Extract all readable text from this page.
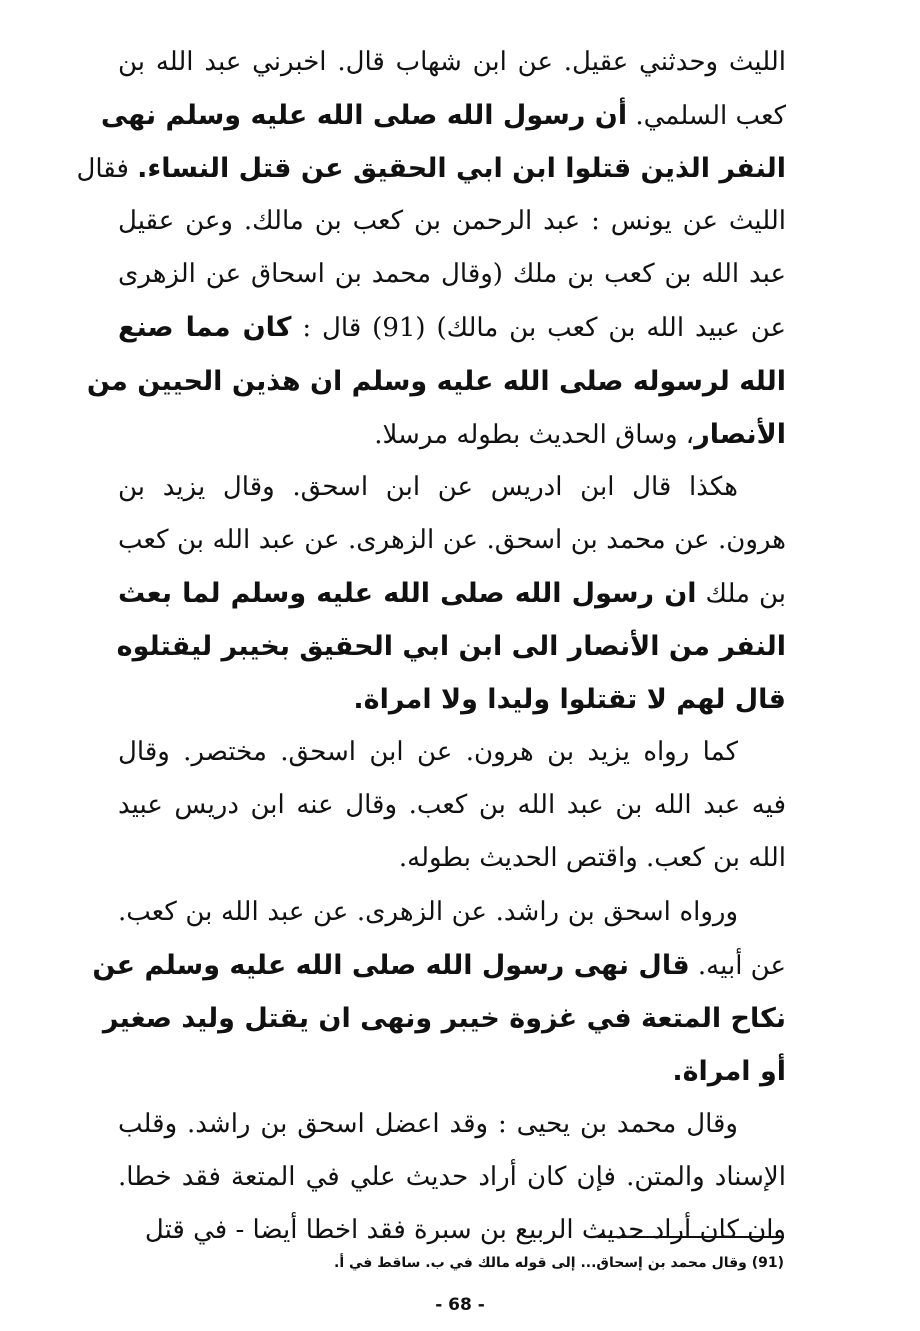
الليث وحدثني عقيل. عن ابن شهاب قال. اخبرني عبد الله بن
كعب السلمي. أن رسول الله صلى الله عليه وسلم نهى
النفر الذين قتلوا ابن ابي الحقيق عن قتل النساء. فقال
الليث عن يونس : عبد الرحمن بن كعب بن مالك. وعن عقيل
عبد الله بن كعب بن ملك (وقال محمد بن اسحاق عن الزهرى
عن عبيد الله بن كعب بن مالك) (91) قال : كان مما صنع
الله لرسوله صلى الله عليه وسلم ان هذين الحيين من
الأنصار، وساق الحديث بطوله مرسلا.
هكذا قال ابن ادريس عن ابن اسحق. وقال يزيد بن
هرون. عن محمد بن اسحق. عن الزهرى. عن عبد الله بن كعب
بن ملك ان رسول الله صلى الله عليه وسلم لما بعث
النفر من الأنصار الى ابن ابي الحقيق بخيبر ليقتلوه
قال لهم لا تقتلوا وليدا ولا امراة.
كما رواه يزيد بن هرون. عن ابن اسحق. مختصر. وقال
فيه عبد الله بن عبد الله بن كعب. وقال عنه ابن دريس عبيد
الله بن كعب. واقتص الحديث بطوله.
ورواه اسحق بن راشد. عن الزهرى. عن عبد الله بن كعب.
عن أبيه. قال نهى رسول الله صلى الله عليه وسلم عن
نكاح المتعة في غزوة خيبر ونهى ان يقتل وليد صغير
أو امراة.
وقال محمد بن يحيى : وقد اعضل اسحق بن راشد. وقلب
الإسناد والمتن. فإن كان أراد حديث علي في المتعة فقد خطا.
وان كان أراد حديث الربيع بن سبرة فقد اخطا أيضا - في قتل
(91) وقال محمد بن إسحاق... إلى قوله مالك في ب. ساقط في أ.
- 68 -
